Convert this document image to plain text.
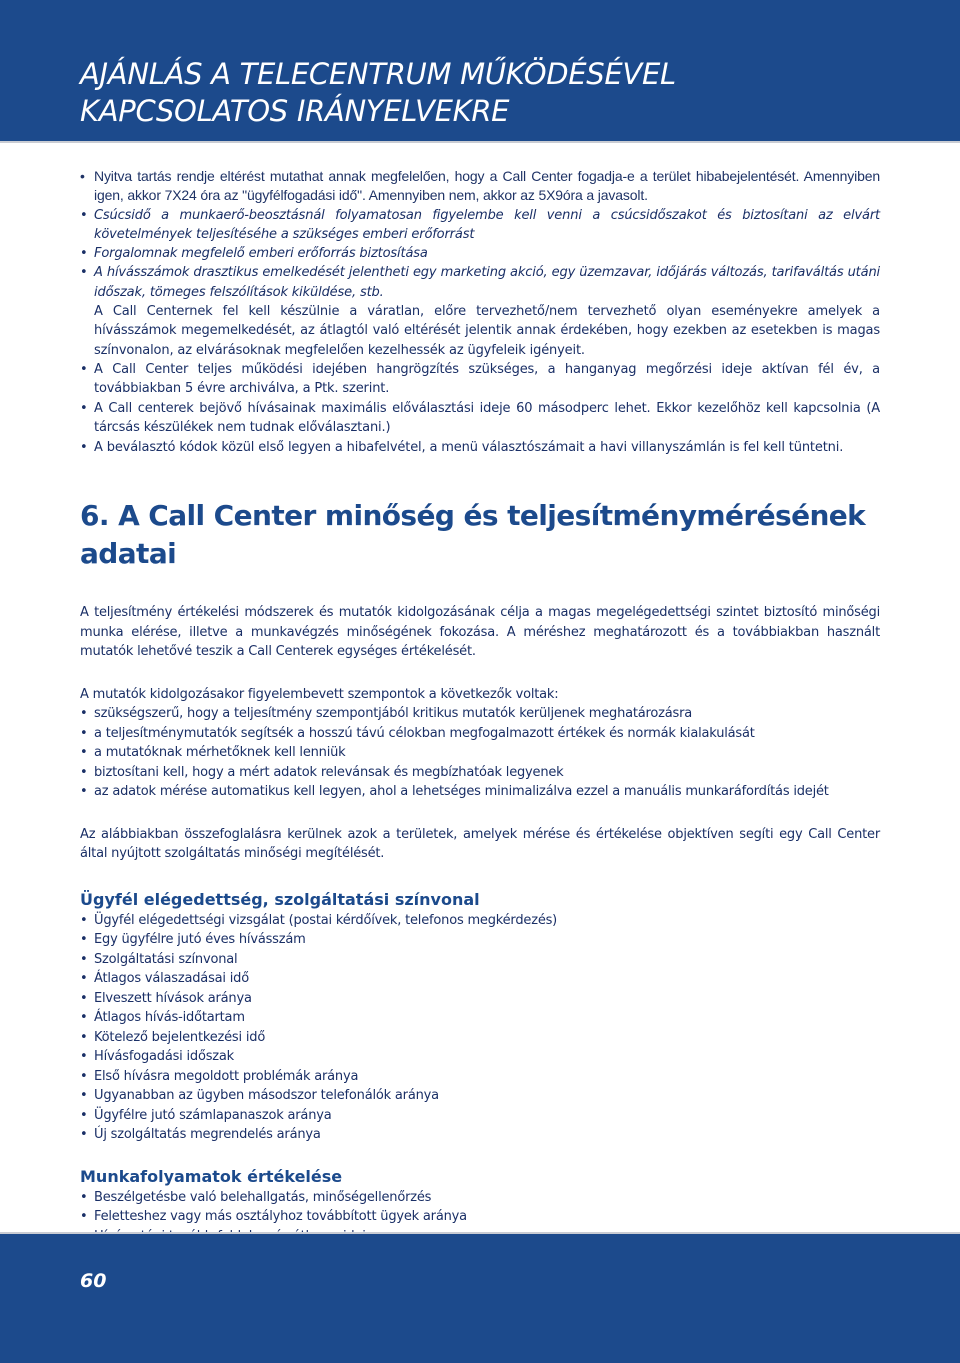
AJÁNLÁS A TELECENTRUM MŰKÖDÉSÉVEL
KAPCSOLATOS IRÁNYELVEKRE
• Nyitva tartás rendje eltérést mutathat annak megfelelően, hogy a Call Center fogadja-e a terület hibabejelentését. Amennyiben igen, akkor 7X24 óra az "ügyfélfogadási idő". Amennyiben nem, akkor az 5X9óra a javasolt.
• Csúcsidő a munkaerő-beosztásnál folyamatosan figyelembe kell venni a csúcsidőszakot és biztosítani az elvárt követelmények teljesítéséhe a szükséges emberi erőforrást
• Forgalomnak megfelelő emberi erőforrás biztosítása
• A hívásszámok drasztikus emelkedését jelentheti egy marketing akció, egy üzemzavar, időjárás változás, tarifaváltás utáni időszak, tömeges felszólítások kiküldése, stb.
A Call Centernek fel kell készülnie a váratlan, előre tervezhető/nem tervezhető olyan eseményekre amelyek a hívásszámok megemelkedését, az átlagtól való eltérését jelentik annak érdekében, hogy ezekben az esetekben is magas színvonalon, az elvárásoknak megfelelően kezelhessék az ügyfeleik igényeit.
• A Call Center teljes működési idejében hangrögzítés szükséges, a hanganyag megőrzési ideje aktívan fél év, a továbbiakban 5 évre archiválva, a Ptk. szerint.
• A Call centerek bejövő hívásainak maximális előválasztási ideje 60 másodperc lehet. Ekkor kezelőhöz kell kapcsolnia (A tárcsás készülékek nem tudnak előválasztani.)
• A beválasztó kódok közül első legyen a hibafelvétel, a menü választószámait a havi villanyszámlán is fel kell tüntetni.
6. A Call Center minőség és teljesítménymérésének adatai
A teljesítmény értékelési módszerek és mutatók kidolgozásának célja a magas megelégedettségi szintet biztosító minőségi munka elérése, illetve a munkavégzés minőségének fokozása. A méréshez meghatározott és a továbbiakban használt mutatók lehetővé teszik a Call Centerek egységes értékelését.
A mutatók kidolgozásakor figyelembevett szempontok a következők voltak:
• szükségszerű, hogy a teljesítmény szempontjából kritikus mutatók kerüljenek meghatározásra
• a teljesítménymutatók segítsék a hosszú távú célokban megfogalmazott értékek és normák kialakulását
• a mutatóknak mérhetőknek kell lenniük
• biztosítani kell, hogy a mért adatok relevánsak és megbízhatóak legyenek
• az adatok mérése automatikus kell legyen, ahol a lehetséges minimalizálva ezzel a manuális munkaráfordítás idejét
Az alábbiakban összefoglalásra kerülnek azok a területek, amelyek mérése és értékelése objektíven segíti egy Call Center által nyújtott szolgáltatás minőségi megítélését.
Ügyfél elégedettség, szolgáltatási színvonal
• Ügyfél elégedettségi vizsgálat (postai kérdőívek, telefonos megkérdezés)
• Egy ügyfélre jutó éves hívásszám
• Szolgáltatási színvonal
• Átlagos válaszadásai idő
• Elveszett hívások aránya
• Átlagos hívás-időtartam
• Kötelező bejelentkezési idő
• Hívásfogadási időszak
• Első hívásra megoldott problémák aránya
• Ugyanabban az ügyben másodszor telefonálók aránya
• Ügyfélre jutó számlapanaszok aránya
• Új szolgáltatás megrendelés aránya
Munkafolyamatok értékelése
• Beszélgetésbe való belehallgatás, minőségellenőrzés
• Feletteshez vagy más osztályhoz továbbított ügyek aránya
•
•
•
60
